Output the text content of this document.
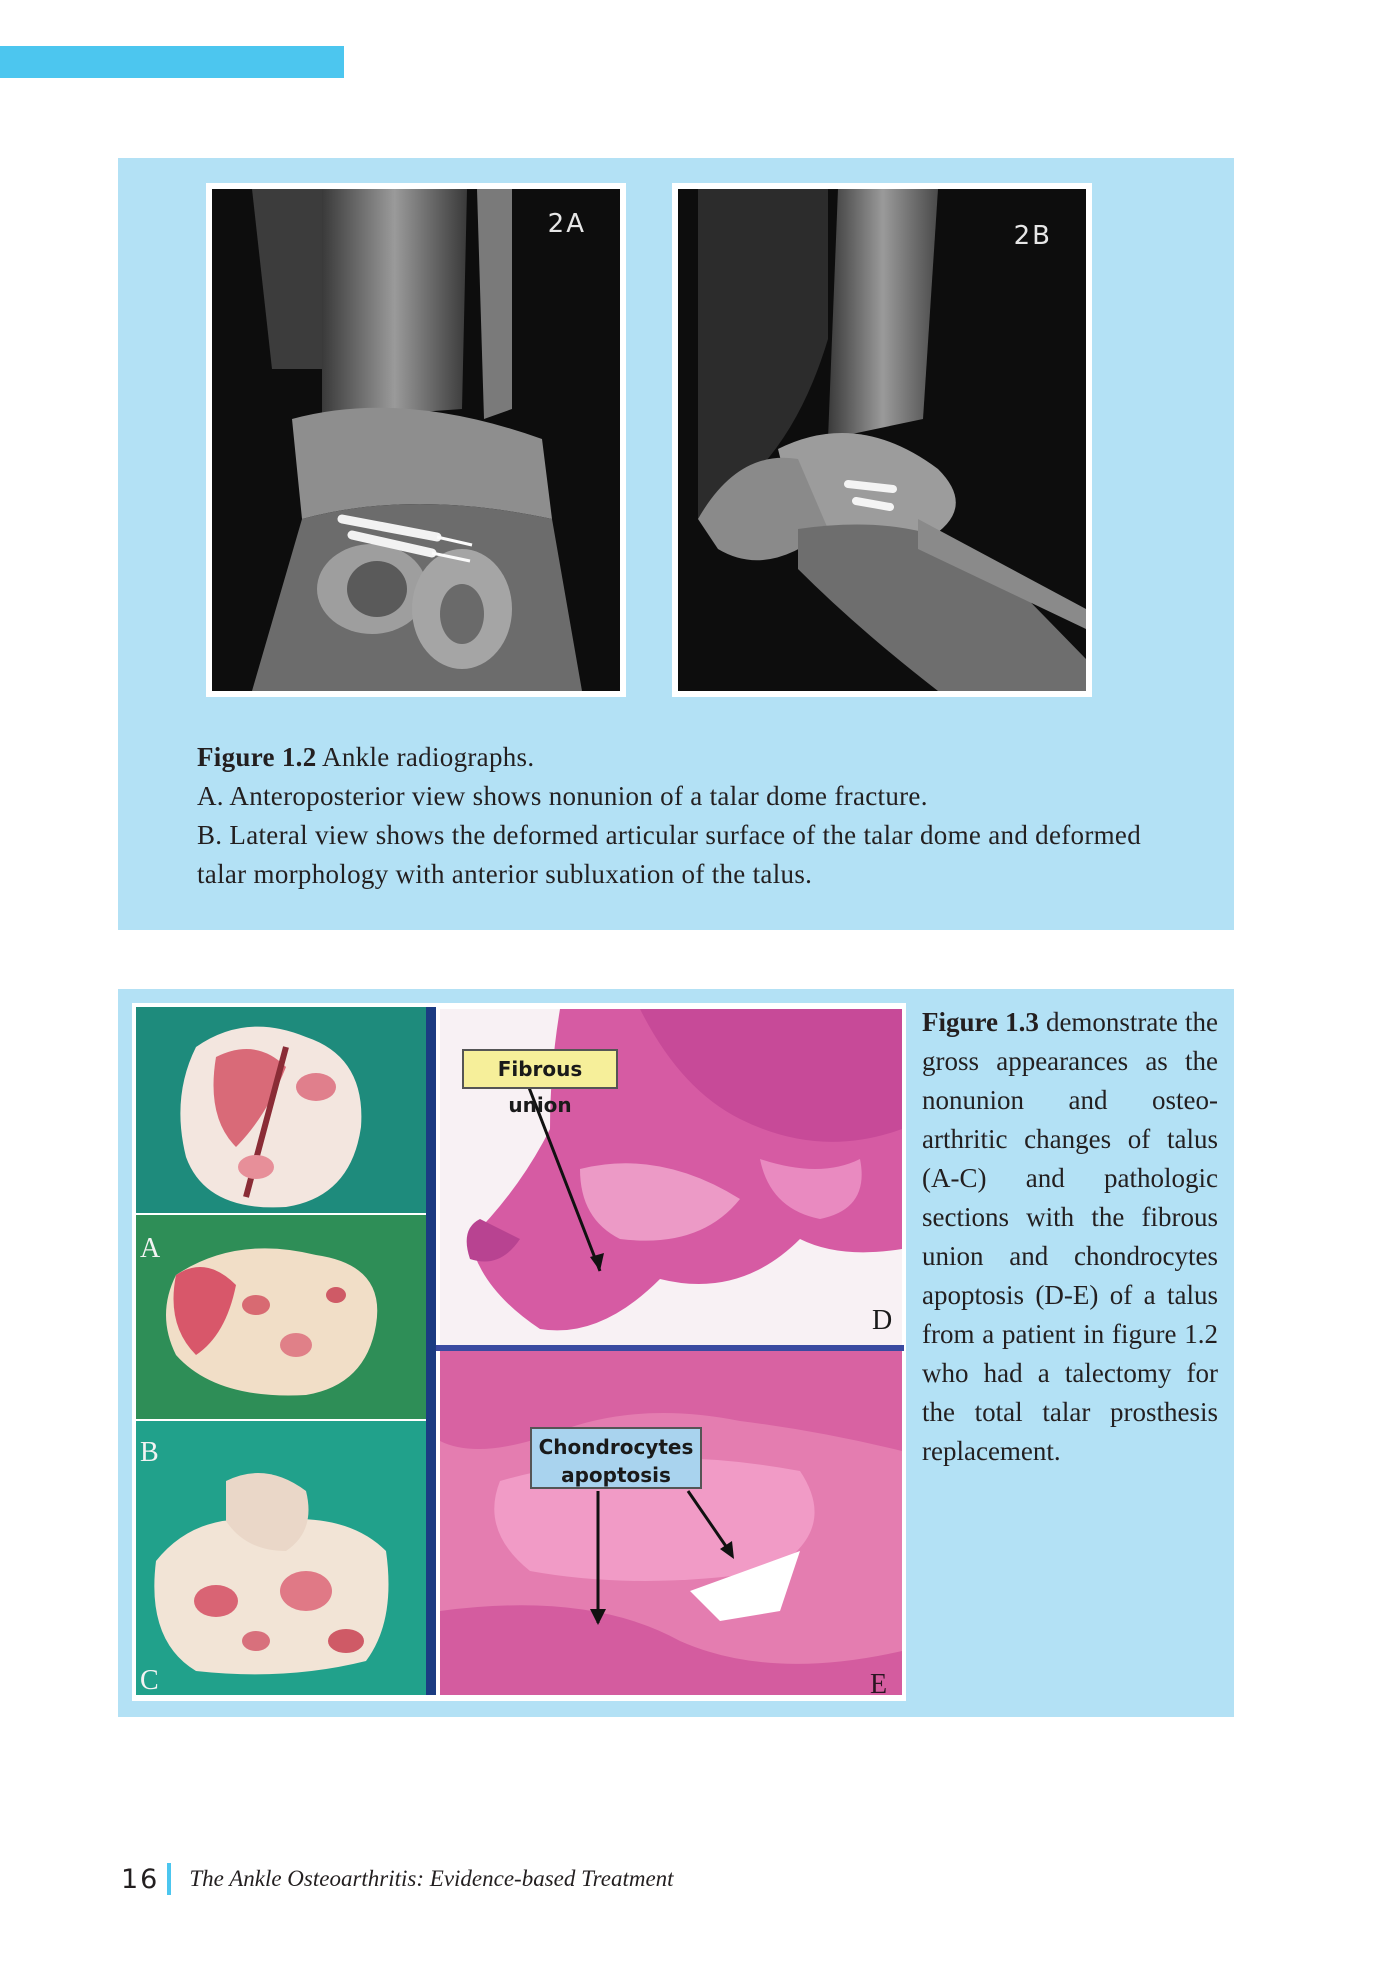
2A	2B

Figure 1.2 Ankle radiographs.

A. Anteroposterior view shows nonunion of a talar dome fracture.

B. Lateral view shows the deformed articular surface of the talar dome and deformed talar morphology with anterior subluxation of the talus.

Fibrous union
Chondrocytes
apoptosis
A
B
C
D
E
Figure 1.3 demonstrate the gross appearances as the nonunion and osteo-arthritic changes of talus (A-C) and pathologic sections with the fibrous union and chondrocytes apoptosis (D-E) of a talus from a patient in figure 1.2 who had a talectomy for the total talar prosthesis replacement.
16 The Ankle Osteoarthritis: Evidence-based Treatment
